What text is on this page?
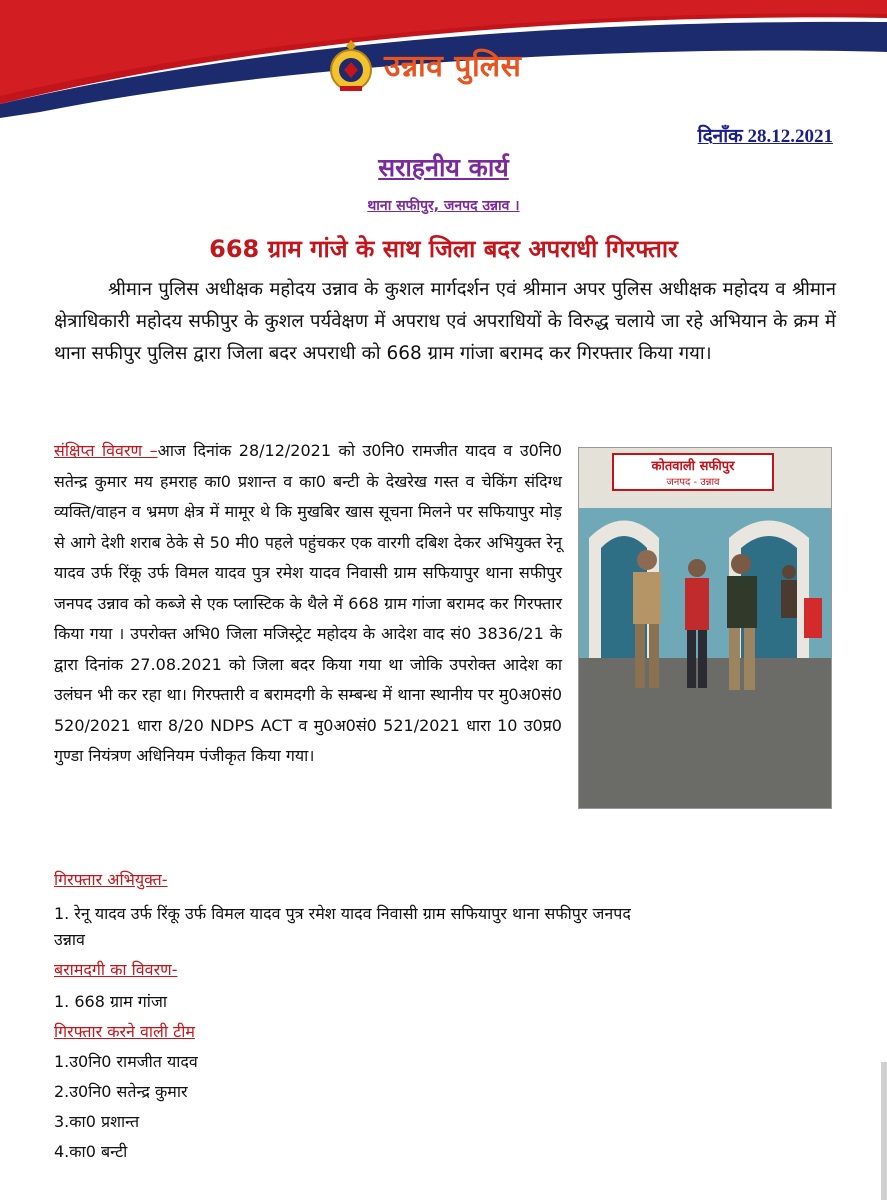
उन्नाव पुलिस
दिनाँक 28.12.2021
सराहनीय कार्य
थाना सफीपुर, जनपद उन्नाव ।
668 ग्राम गांजे के साथ जिला बदर अपराधी गिरफ्तार

श्रीमान पुलिस अधीक्षक महोदय उन्नाव के कुशल मार्गदर्शन एवं श्रीमान अपर पुलिस अधीक्षक महोदय व श्रीमान क्षेत्राधिकारी महोदय सफीपुर के कुशल पर्यवेक्षण में अपराध एवं अपराधियों के विरुद्ध चलाये जा रहे अभियान के क्रम में थाना सफीपुर पुलिस द्वारा जिला बदर अपराधी को 668 ग्राम गांजा बरामद कर गिरफ्तार किया गया।

संक्षिप्त विवरण –आज दिनांक 28/12/2021 को उ0नि0 रामजीत यादव व उ0नि0 सतेन्द्र कुमार मय हमराह का0 प्रशान्त व का0 बन्टी के देखरेख गस्त व चेकिंग संदिग्ध व्यक्ति/वाहन व भ्रमण क्षेत्र में मामूर थे कि मुखबिर खास सूचना मिलने पर सफियापुर मोड़ से आगे देशी शराब ठेके से 50 मी0 पहले पहुंचकर एक वारगी दबिश देकर अभियुक्त रेनू यादव उर्फ रिंकू उर्फ विमल यादव पुत्र रमेश यादव निवासी ग्राम सफियापुर थाना सफीपुर जनपद उन्नाव को कब्जे से एक प्लास्टिक के थैले में 668 ग्राम गांजा बरामद कर गिरफ्तार किया गया । उपरोक्त अभि0 जिला मजिस्ट्रेट महोदय के आदेश वाद सं0 3836/21 के द्वारा दिनांक 27.08.2021 को जिला बदर किया गया था जोकि उपरोक्त आदेश का उलंघन भी कर रहा था। गिरफ्तारी व बरामदगी के सम्बन्ध में थाना स्थानीय पर मु0अ0सं0 520/2021 धारा 8/20 NDPS ACT व मु0अ0सं0 521/2021 धारा 10 उ0प्र0 गुण्डा नियंत्रण अधिनियम पंजीकृत किया गया।
कोतवाली सफीपुर
जनपद - उन्नाव
गिरफ्तार अभियुक्त-
1. रेनू यादव उर्फ रिंकू उर्फ विमल यादव पुत्र रमेश यादव निवासी ग्राम सफियापुर थाना सफीपुर जनपद
उन्नाव
बरामदगी का विवरण-
1. 668 ग्राम गांजा
गिरफ्तार करने वाली टीम
1.उ0नि0 रामजीत यादव
2.उ0नि0 सतेन्द्र कुमार
3.का0 प्रशान्त
4.का0 बन्टी
